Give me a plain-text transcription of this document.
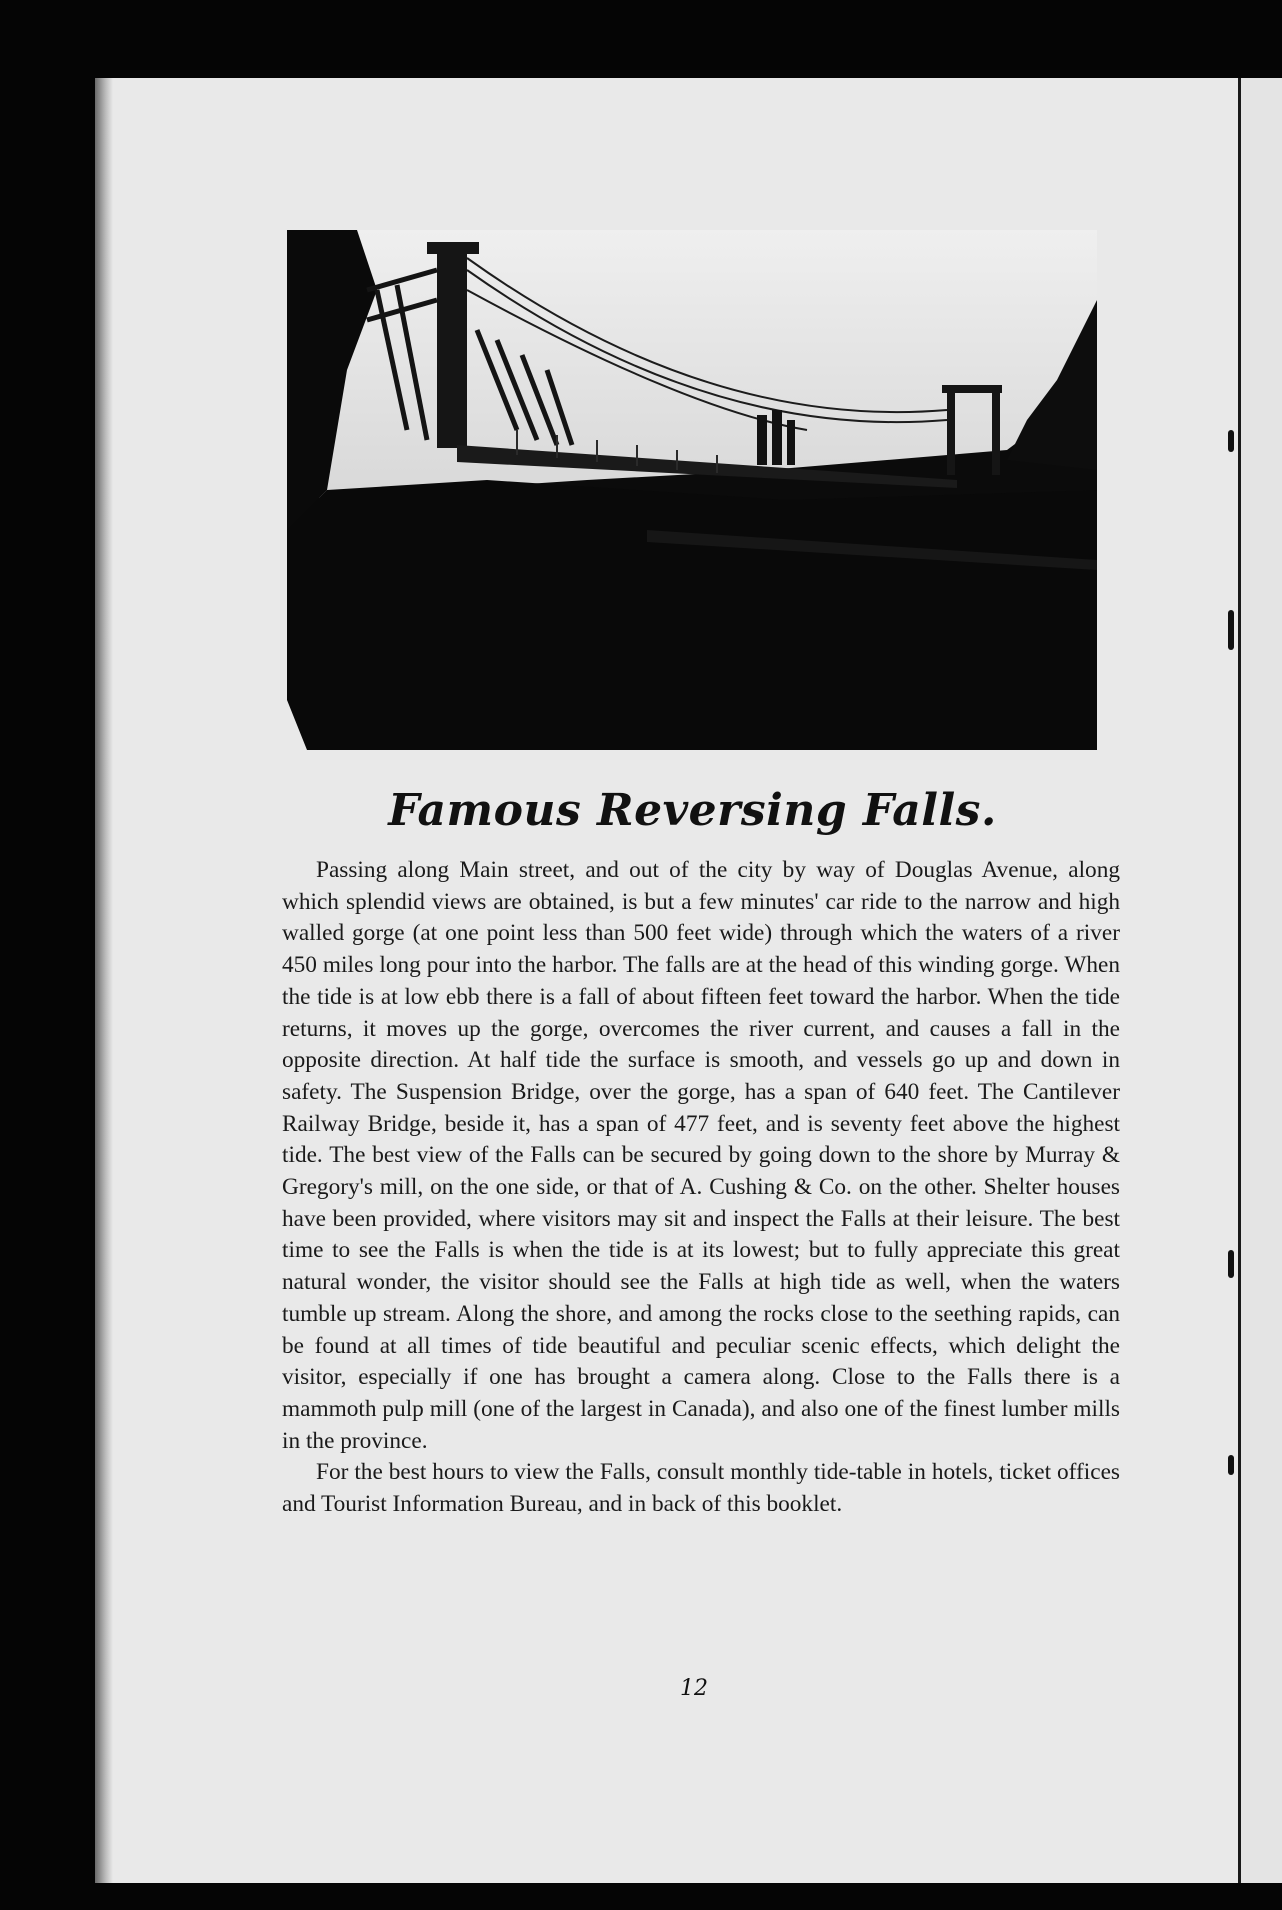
Famous Reversing Falls.

Passing along Main street, and out of the city by way of Douglas Avenue, along which splendid views are obtained, is but a few minutes' car ride to the narrow and high walled gorge (at one point less than 500 feet wide) through which the waters of a river 450 miles long pour into the harbor. The falls are at the head of this winding gorge. When the tide is at low ebb there is a fall of about fifteen feet toward the harbor. When the tide returns, it moves up the gorge, overcomes the river current, and causes a fall in the opposite direction. At half tide the surface is smooth, and vessels go up and down in safety. The Suspension Bridge, over the gorge, has a span of 640 feet. The Cantilever Railway Bridge, beside it, has a span of 477 feet, and is seventy feet above the highest tide. The best view of the Falls can be secured by going down to the shore by Murray & Gregory's mill, on the one side, or that of A. Cushing & Co. on the other. Shelter houses have been provided, where visitors may sit and inspect the Falls at their leisure. The best time to see the Falls is when the tide is at its lowest; but to fully appreciate this great natural wonder, the visitor should see the Falls at high tide as well, when the waters tumble up stream. Along the shore, and among the rocks close to the seething rapids, can be found at all times of tide beautiful and peculiar scenic effects, which delight the visitor, especially if one has brought a camera along. Close to the Falls there is a mammoth pulp mill (one of the largest in Canada), and also one of the finest lumber mills in the province.

For the best hours to view the Falls, consult monthly tide-table in hotels, ticket offices and Tourist Information Bureau, and in back of this booklet.

12
